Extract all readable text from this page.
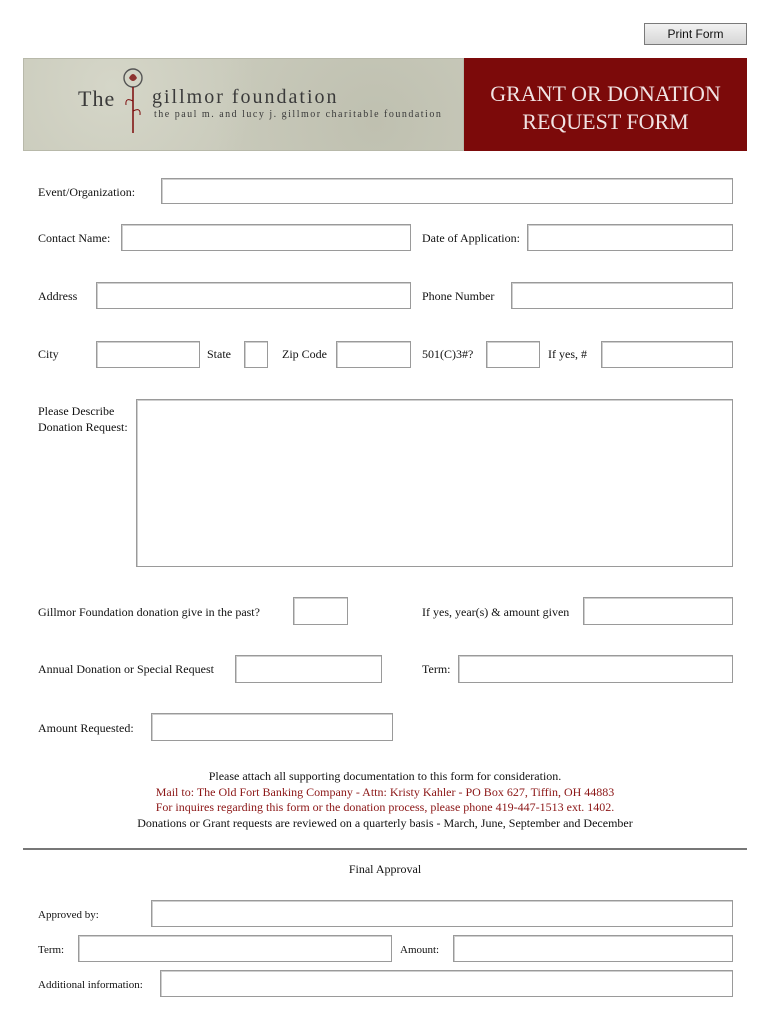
Print Form
The gillmor foundation
the paul m. and lucy j. gillmor charitable foundation
GRANT OR DONATION
REQUEST FORM
Event/Organization:
Contact Name:	Date of Application:
Address	Phone Number
City	State	Zip Code	501(C)3#?	If yes, #
Please Describe
Donation Request:
Gillmor Foundation donation give in the past?	If yes, year(s) & amount given
Annual Donation or Special Request	Term:
Amount Requested:
Please attach all supporting documentation to this form for consideration.
Mail to: The Old Fort Banking Company - Attn: Kristy Kahler - PO Box 627, Tiffin, OH 44883
For inquires regarding this form or the donation process, please phone 419-447-1513 ext. 1402.
Donations or Grant requests are reviewed on a quarterly basis - March, June, September and December
Final Approval
Approved by:
Term:	Amount:
Additional information:
